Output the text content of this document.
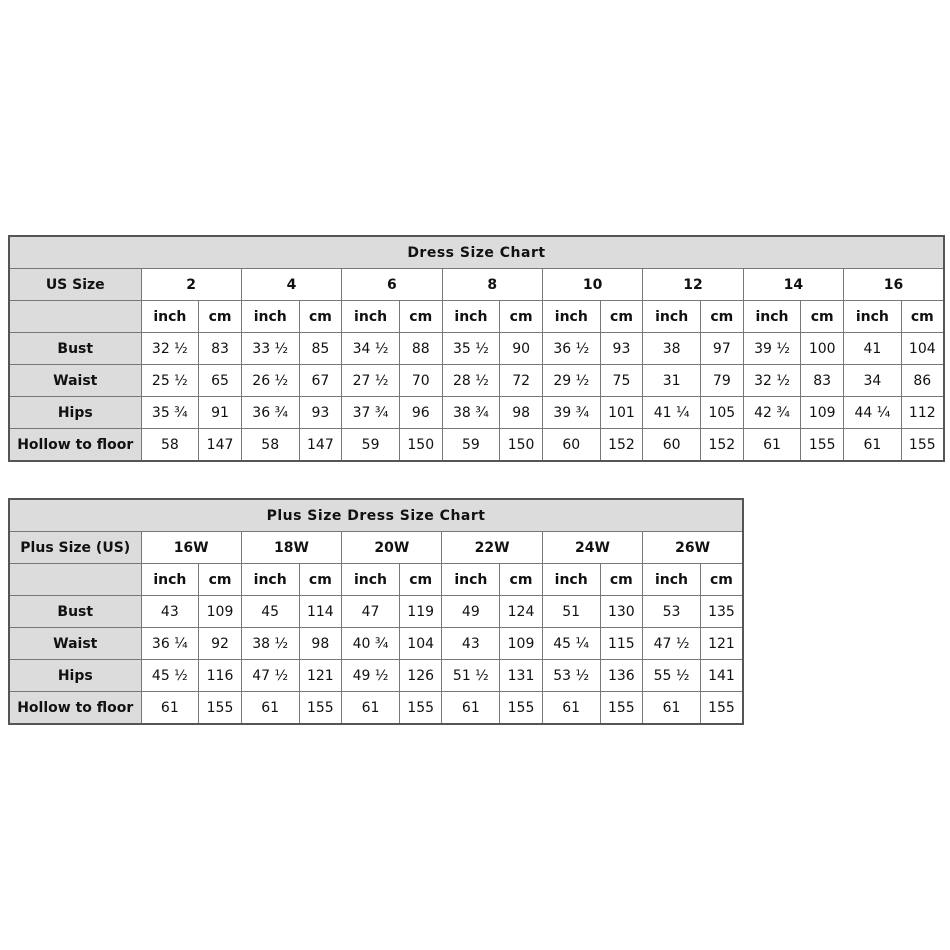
Dress Size Chart																
US Size	2		4		6		8		10		12		14		16	
	inch	cm	inch	cm	inch	cm	inch	cm	inch	cm	inch	cm	inch	cm	inch	cm
Bust	32 ½	83	33 ½	85	34 ½	88	35 ½	90	36 ½	93	38	97	39 ½	100	41	104
Waist	25 ½	65	26 ½	67	27 ½	70	28 ½	72	29 ½	75	31	79	32 ½	83	34	86
Hips	35 ¾	91	36 ¾	93	37 ¾	96	38 ¾	98	39 ¾	101	41 ¼	105	42 ¾	109	44 ¼	112
Hollow to floor	58	147	58	147	59	150	59	150	60	152	60	152	61	155	61	155
Plus Size Dress Size Chart												
Plus Size (US)	16W		18W		20W		22W		24W		26W	
	inch	cm	inch	cm	inch	cm	inch	cm	inch	cm	inch	cm
Bust	43	109	45	114	47	119	49	124	51	130	53	135
Waist	36 ¼	92	38 ½	98	40 ¾	104	43	109	45 ¼	115	47 ½	121
Hips	45 ½	116	47 ½	121	49 ½	126	51 ½	131	53 ½	136	55 ½	141
Hollow to floor	61	155	61	155	61	155	61	155	61	155	61	155
